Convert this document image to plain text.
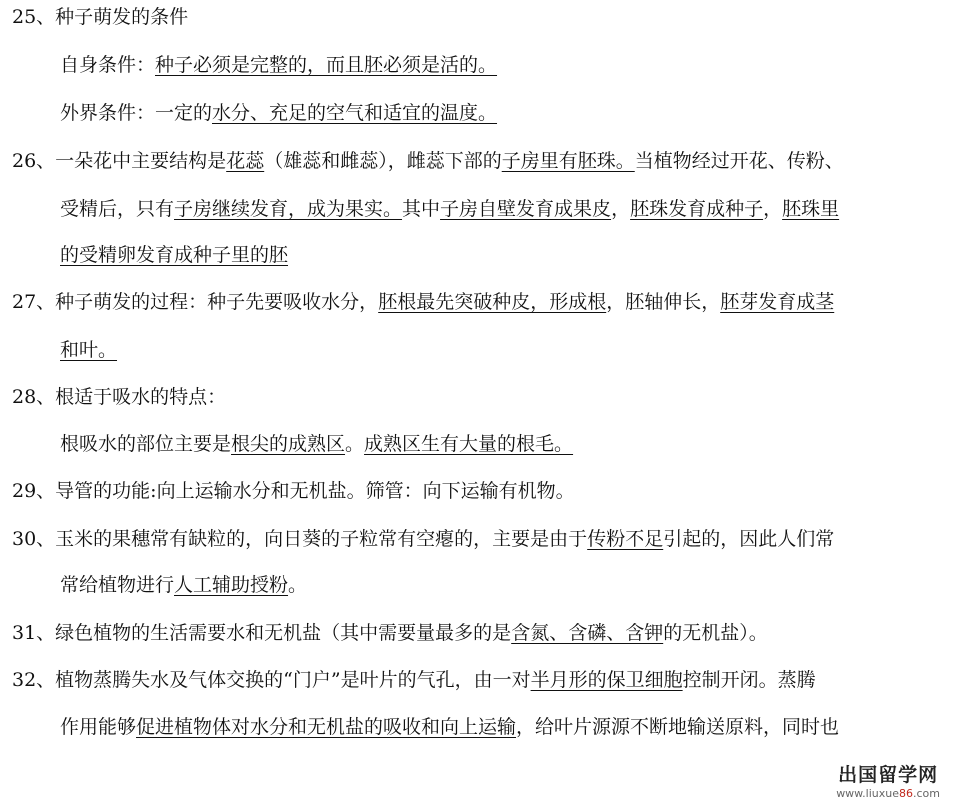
25、种子萌发的条件
自身条件：种子必须是完整的，而且胚必须是活的。
外界条件：一定的水分、充足的空气和适宜的温度。
26、一朵花中主要结构是花蕊（雄蕊和雌蕊），雌蕊下部的子房里有胚珠。当植物经过开花、传粉、
受精后，只有子房继续发育，成为果实。其中子房自壁发育成果皮，胚珠发育成种子，胚珠里
的受精卵发育成种子里的胚
27、种子萌发的过程：种子先要吸收水分，胚根最先突破种皮，形成根，胚轴伸长，胚芽发育成茎
和叶。
28、根适于吸水的特点：
根吸水的部位主要是根尖的成熟区。成熟区生有大量的根毛。
29、导管的功能:向上运输水分和无机盐。筛管：向下运输有机物。
30、玉米的果穗常有缺粒的，向日葵的子粒常有空瘪的，主要是由于传粉不足引起的，因此人们常
常给植物进行人工辅助授粉。
31、绿色植物的生活需要水和无机盐（其中需要量最多的是含氮、含磷、含钾的无机盐）。
32、植物蒸腾失水及气体交换的“门户”是叶片的气孔，由一对半月形的保卫细胞控制开闭。蒸腾
作用能够促进植物体对水分和无机盐的吸收和向上运输，给叶片源源不断地输送原料，同时也
出国留学网
www.liuxue86.com
